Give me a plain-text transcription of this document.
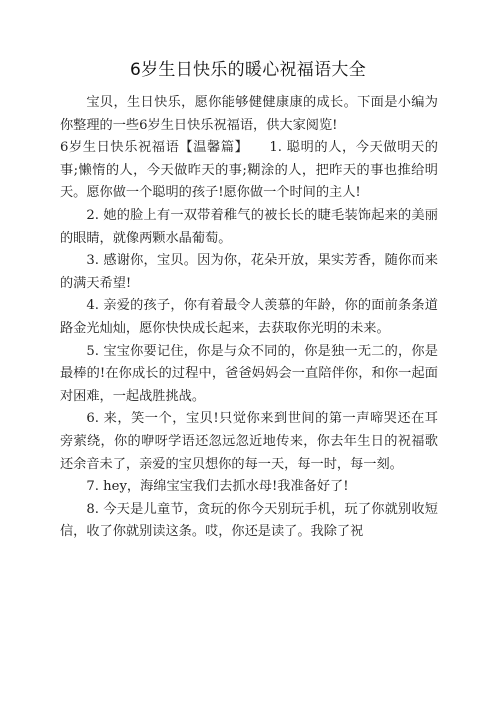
6岁生日快乐的暖心祝福语大全

宝贝，生日快乐，愿你能够健健康康的成长。下面是小编为你整理的一些6岁生日快乐祝福语，供大家阅览!

6岁生日快乐祝福语【温馨篇】　　1. 聪明的人，今天做明天的事;懒惰的人，今天做昨天的事;糊涂的人，把昨天的事也推给明天。愿你做一个聪明的孩子!愿你做一个时间的主人!

2. 她的脸上有一双带着稚气的被长长的睫毛装饰起来的美丽的眼睛，就像两颗水晶葡萄。

3. 感谢你，宝贝。因为你，花朵开放，果实芳香，随你而来的满天希望!

4. 亲爱的孩子，你有着最令人羡慕的年龄，你的面前条条道路金光灿灿，愿你快快成长起来，去获取你光明的未来。

5. 宝宝你要记住，你是与众不同的，你是独一无二的，你是最棒的!在你成长的过程中，爸爸妈妈会一直陪伴你，和你一起面对困难，一起战胜挑战。

6. 来，笑一个，宝贝!只觉你来到世间的第一声啼哭还在耳旁萦绕，你的咿呀学语还忽远忽近地传来，你去年生日的祝福歌还余音未了，亲爱的宝贝想你的每一天，每一时，每一刻。

7. hey，海绵宝宝我们去抓水母!我准备好了!

8. 今天是儿童节，贪玩的你今天别玩手机，玩了你就别收短信，收了你就别读这条。哎，你还是读了。我除了祝
